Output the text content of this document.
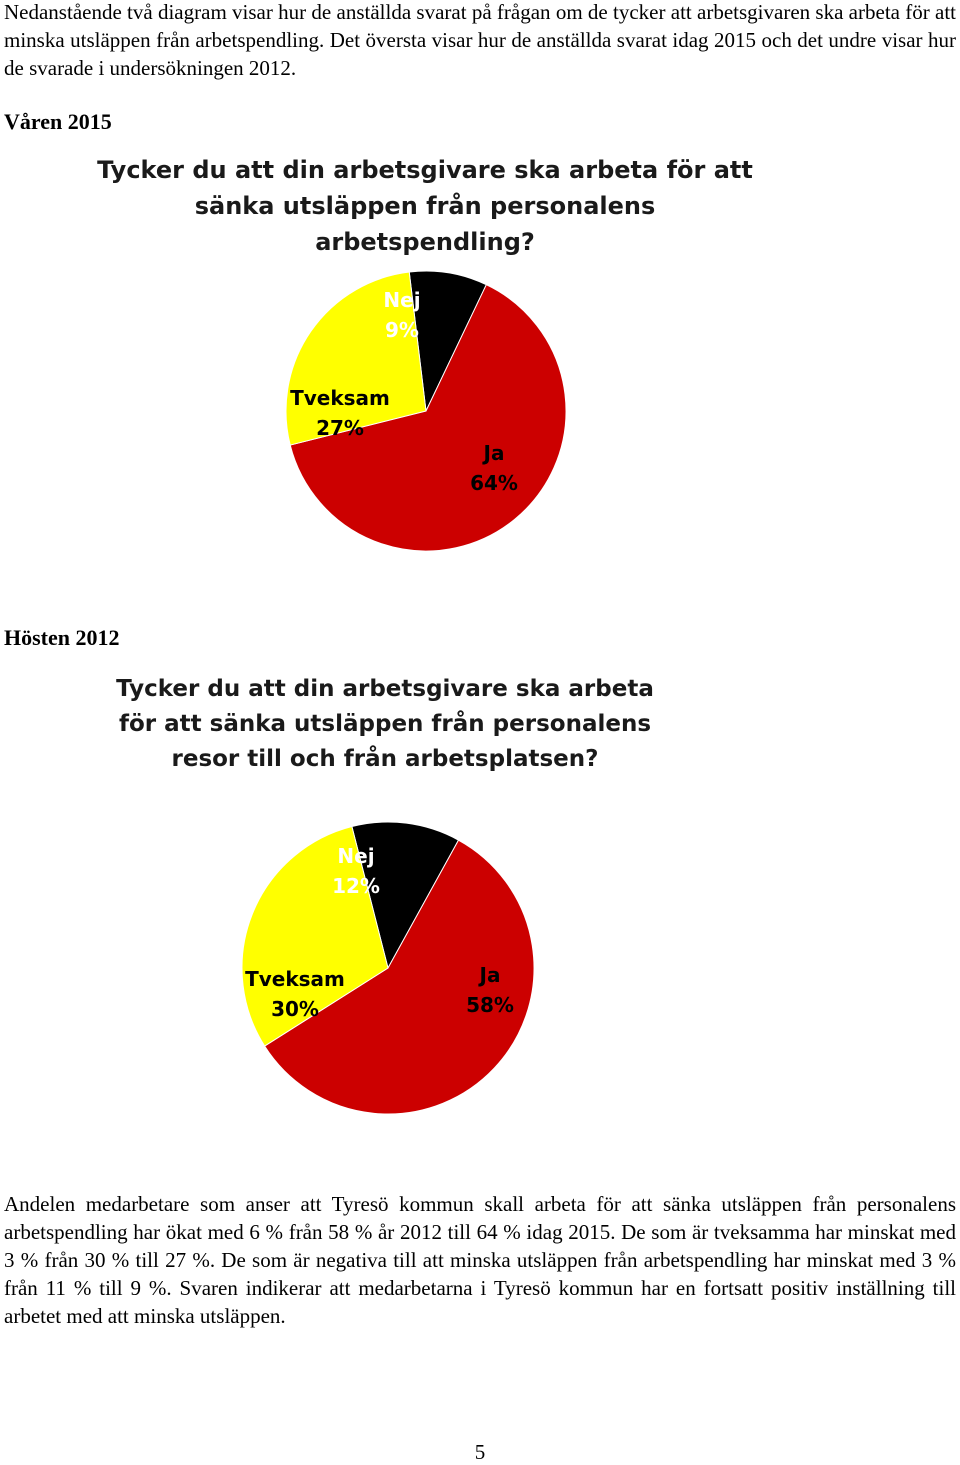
Nedanstående två diagram visar hur de anställda svarat på frågan om de tycker att arbetsgivaren ska arbeta för att minska utsläppen från arbetspendling. Det översta visar hur de anställda svarat idag 2015 och det undre visar hur de svarade i undersökningen 2012.

Våren 2015

Tycker du att din arbetsgivare ska arbeta för att sänka utsläppen från personalens arbetspendling?

Nej
9%
Ja
64%
Tveksam
27%

Hösten 2012

Tycker du att din arbetsgivare ska arbeta för att sänka utsläppen från personalens resor till och från arbetsplatsen?

Nej
12%
Ja
58%
Tveksam
30%

Andelen medarbetare som anser att Tyresö kommun skall arbeta för att sänka utsläppen från personalens arbetspendling har ökat med 6 % från 58 % år 2012 till 64 % idag 2015. De som är tveksamma har minskat med 3 % från 30 % till 27 %. De som är negativa till att minska utsläppen från arbetspendling har minskat med 3 % från 11 % till 9 %. Svaren indikerar att medarbetarna i Tyresö kommun har en fortsatt positiv inställning till arbetet med att minska utsläppen.

5
